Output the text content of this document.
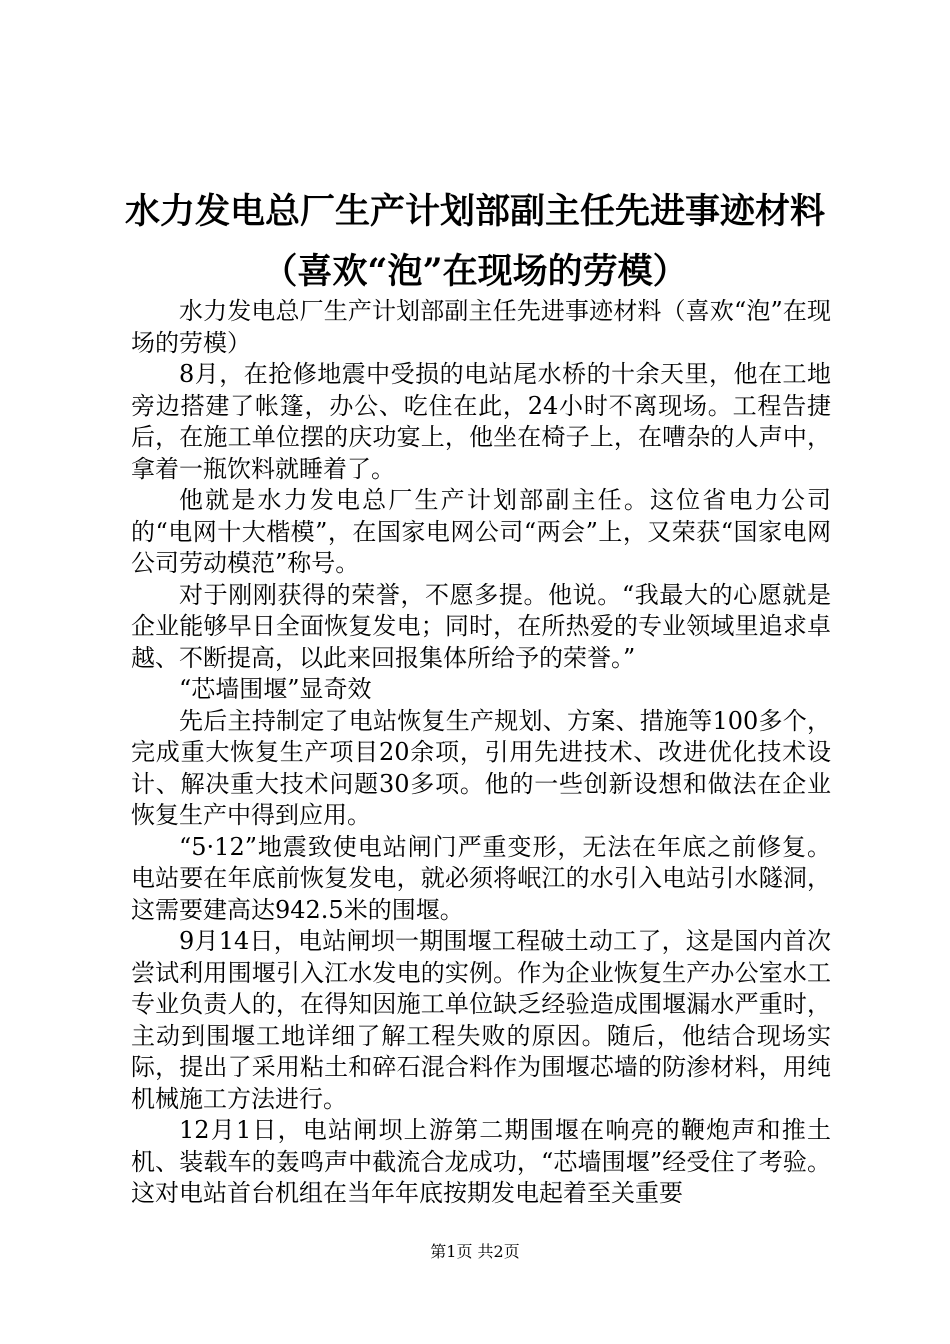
水力发电总厂生产计划部副主任先进事迹材料
（喜欢“泡”在现场的劳模）

水力发电总厂生产计划部副主任先进事迹材料（喜欢“泡”在现场的劳模）

8月，在抢修地震中受损的电站尾水桥的十余天里，他在工地旁边搭建了帐篷，办公、吃住在此，24小时不离现场。工程告捷后，在施工单位摆的庆功宴上，他坐在椅子上，在嘈杂的人声中，拿着一瓶饮料就睡着了。

他就是水力发电总厂生产计划部副主任。这位省电力公司的“电网十大楷模”，在国家电网公司“两会”上，又荣获“国家电网公司劳动模范”称号。

对于刚刚获得的荣誉，不愿多提。他说。“我最大的心愿就是企业能够早日全面恢复发电；同时，在所热爱的专业领域里追求卓越、不断提高，以此来回报集体所给予的荣誉。”

“芯墙围堰”显奇效

先后主持制定了电站恢复生产规划、方案、措施等100多个，完成重大恢复生产项目20余项，引用先进技术、改进优化技术设计、解决重大技术问题30多项。他的一些创新设想和做法在企业恢复生产中得到应用。

“5·12”地震致使电站闸门严重变形，无法在年底之前修复。电站要在年底前恢复发电，就必须将岷江的水引入电站引水隧洞，这需要建高达942.5米的围堰。

9月14日，电站闸坝一期围堰工程破土动工了，这是国内首次尝试利用围堰引入江水发电的实例。作为企业恢复生产办公室水工专业负责人的，在得知因施工单位缺乏经验造成围堰漏水严重时，主动到围堰工地详细了解工程失败的原因。随后，他结合现场实际，提出了采用粘土和碎石混合料作为围堰芯墙的防渗材料，用纯机械施工方法进行。

12月1日，电站闸坝上游第二期围堰在响亮的鞭炮声和推土机、装载车的轰鸣声中截流合龙成功，“芯墙围堰”经受住了考验。这对电站首台机组在当年年底按期发电起着至关重要

第1页 共2页
